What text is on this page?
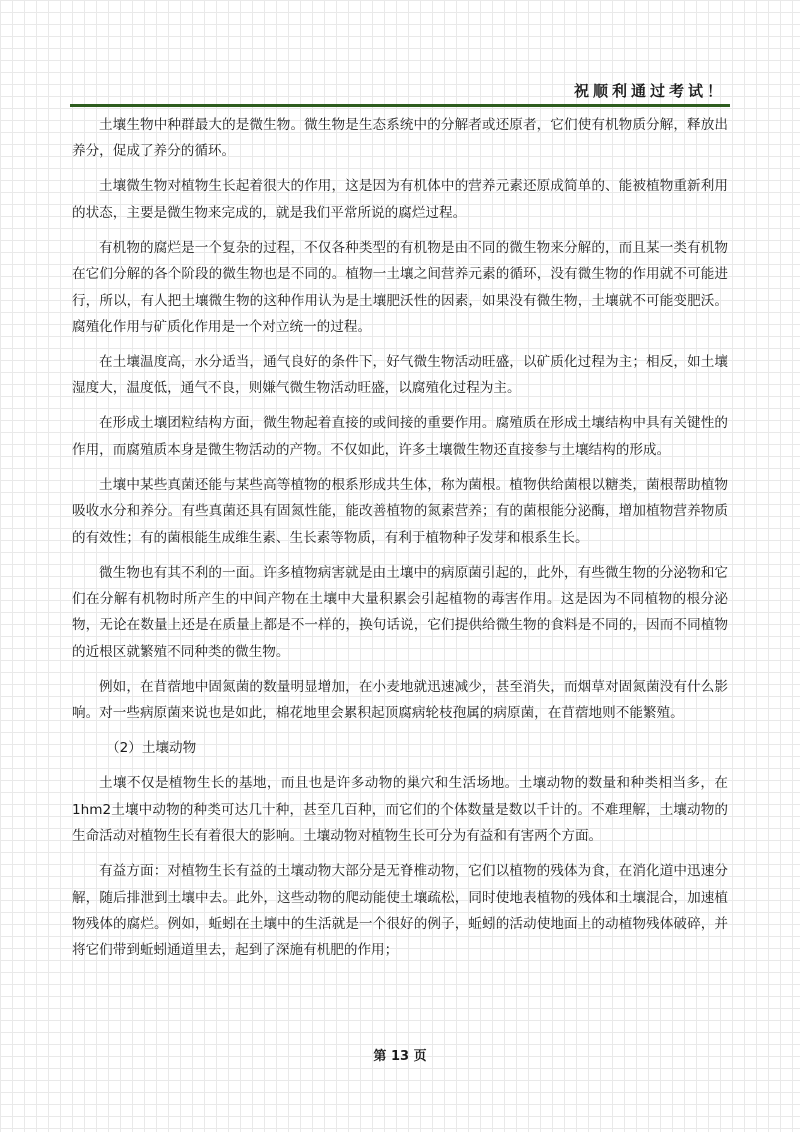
祝顺利通过考试！

土壤生物中种群最大的是微生物。微生物是生态系统中的分解者或还原者，它们使有机物质分解，释放出养分，促成了养分的循环。

土壤微生物对植物生长起着很大的作用，这是因为有机体中的营养元素还原成简单的、能被植物重新利用的状态，主要是微生物来完成的，就是我们平常所说的腐烂过程。

有机物的腐烂是一个复杂的过程，不仅各种类型的有机物是由不同的微生物来分解的，而且某一类有机物在它们分解的各个阶段的微生物也是不同的。植物一土壤之间营养元素的循环，没有微生物的作用就不可能进行，所以，有人把土壤微生物的这种作用认为是土壤肥沃性的因素，如果没有微生物，土壤就不可能变肥沃。腐殖化作用与矿质化作用是一个对立统一的过程。

在土壤温度高，水分适当，通气良好的条件下，好气微生物活动旺盛，以矿质化过程为主；相反，如土壤湿度大，温度低，通气不良，则嫌气微生物活动旺盛，以腐殖化过程为主。

在形成土壤团粒结构方面，微生物起着直接的或间接的重要作用。腐殖质在形成土壤结构中具有关键性的作用，而腐殖质本身是微生物活动的产物。不仅如此，许多土壤微生物还直接参与土壤结构的形成。

土壤中某些真菌还能与某些高等植物的根系形成共生体，称为菌根。植物供给菌根以糖类，菌根帮助植物吸收水分和养分。有些真菌还具有固氮性能，能改善植物的氮素营养；有的菌根能分泌酶，增加植物营养物质的有效性；有的菌根能生成维生素、生长素等物质，有利于植物种子发芽和根系生长。

微生物也有其不利的一面。许多植物病害就是由土壤中的病原菌引起的，此外，有些微生物的分泌物和它们在分解有机物时所产生的中间产物在土壤中大量积累会引起植物的毒害作用。这是因为不同植物的根分泌物，无论在数量上还是在质量上都是不一样的，换句话说，它们提供给微生物的食料是不同的，因而不同植物的近根区就繁殖不同种类的微生物。

例如，在苜蓿地中固氮菌的数量明显增加，在小麦地就迅速减少，甚至消失，而烟草对固氮菌没有什么影响。对一些病原菌来说也是如此，棉花地里会累积起顶腐病轮枝孢属的病原菌，在苜蓿地则不能繁殖。

（2）土壤动物

土壤不仅是植物生长的基地，而且也是许多动物的巢穴和生活场地。土壤动物的数量和种类相当多，在1hm2土壤中动物的种类可达几十种，甚至几百种，而它们的个体数量是数以千计的。不难理解，土壤动物的生命活动对植物生长有着很大的影响。土壤动物对植物生长可分为有益和有害两个方面。

有益方面：对植物生长有益的土壤动物大部分是无脊椎动物，它们以植物的残体为食，在消化道中迅速分解，随后排泄到土壤中去。此外，这些动物的爬动能使土壤疏松，同时使地表植物的残体和土壤混合，加速植物残体的腐烂。例如，蚯蚓在土壤中的生活就是一个很好的例子，蚯蚓的活动使地面上的动植物残体破碎，并将它们带到蚯蚓通道里去，起到了深施有机肥的作用；

第 13 页
